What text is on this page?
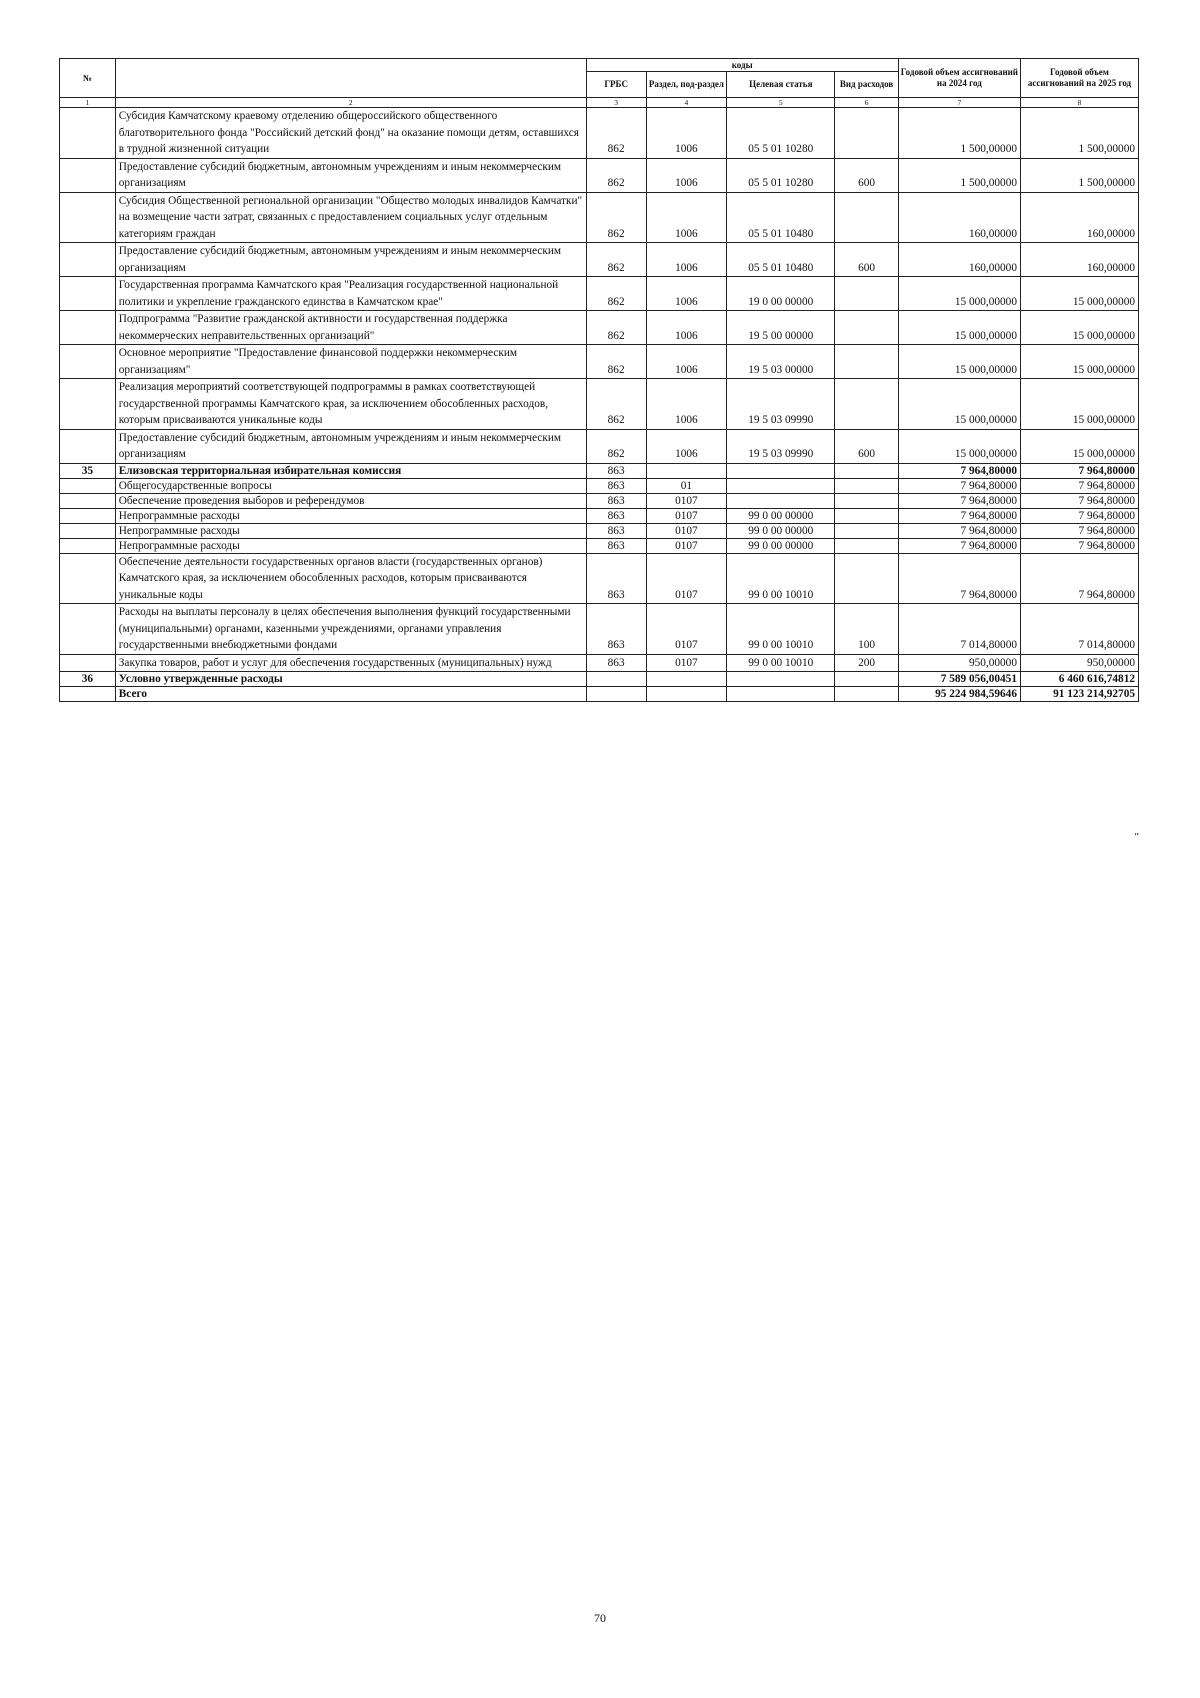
№		коды				Годовой объем ассигнований на 2024 год	Годовой объем ассигнований на 2025 год
		ГРБС	Раздел, под-раздел	Целевая статья	Вид расходов		
1	2	3	4	5	6	7	8
	Субсидия Камчатскому краевому отделению общероссийского общественного благотворительного фонда "Российский детский фонд" на оказание помощи детям, оставшихся в трудной жизненной ситуации	862	1006	05 5 01 10280		1 500,00000	1 500,00000
	Предоставление субсидий бюджетным, автономным учреждениям и иным некоммерческим организациям	862	1006	05 5 01 10280	600	1 500,00000	1 500,00000
	Субсидия Общественной региональной организации "Общество молодых инвалидов Камчатки" на возмещение части затрат, связанных с предоставлением социальных услуг отдельным категориям граждан	862	1006	05 5 01 10480		160,00000	160,00000
	Предоставление субсидий бюджетным, автономным учреждениям и иным некоммерческим организациям	862	1006	05 5 01 10480	600	160,00000	160,00000
	Государственная программа Камчатского края "Реализация государственной национальной политики и укрепление гражданского единства в Камчатском крае"	862	1006	19 0 00 00000		15 000,00000	15 000,00000
	Подпрограмма "Развитие гражданской активности и государственная поддержка некоммерческих неправительственных организаций"	862	1006	19 5 00 00000		15 000,00000	15 000,00000
	Основное мероприятие "Предоставление финансовой поддержки некоммерческим организациям"	862	1006	19 5 03 00000		15 000,00000	15 000,00000
	Реализация мероприятий соответствующей подпрограммы в рамках соответствующей государственной программы Камчатского края, за исключением обособленных расходов, которым присваиваются уникальные коды	862	1006	19 5 03 09990		15 000,00000	15 000,00000
	Предоставление субсидий бюджетным, автономным учреждениям и иным некоммерческим организациям	862	1006	19 5 03 09990	600	15 000,00000	15 000,00000
35	Елизовская территориальная избирательная комиссия	863				7 964,80000	7 964,80000
	Общегосударственные вопросы	863	01			7 964,80000	7 964,80000
	Обеспечение проведения выборов и референдумов	863	0107			7 964,80000	7 964,80000
	Непрограммные расходы	863	0107	99 0 00 00000		7 964,80000	7 964,80000
	Непрограммные расходы	863	0107	99 0 00 00000		7 964,80000	7 964,80000
	Непрограммные расходы	863	0107	99 0 00 00000		7 964,80000	7 964,80000
	Обеспечение деятельности государственных органов власти (государственных органов) Камчатского края, за исключением обособленных расходов, которым присваиваются уникальные коды	863	0107	99 0 00 10010		7 964,80000	7 964,80000
	Расходы на выплаты персоналу в целях обеспечения выполнения функций государственными (муниципальными) органами, казенными учреждениями, органами управления государственными внебюджетными фондами	863	0107	99 0 00 10010	100	7 014,80000	7 014,80000
	Закупка товаров, работ и услуг для обеспечения государственных (муниципальных) нужд	863	0107	99 0 00 10010	200	950,00000	950,00000
36	Условно утвержденные расходы					7 589 056,00451	6 460 616,74812
	Всего					95 224 984,59646	91 123 214,92705
"
70
